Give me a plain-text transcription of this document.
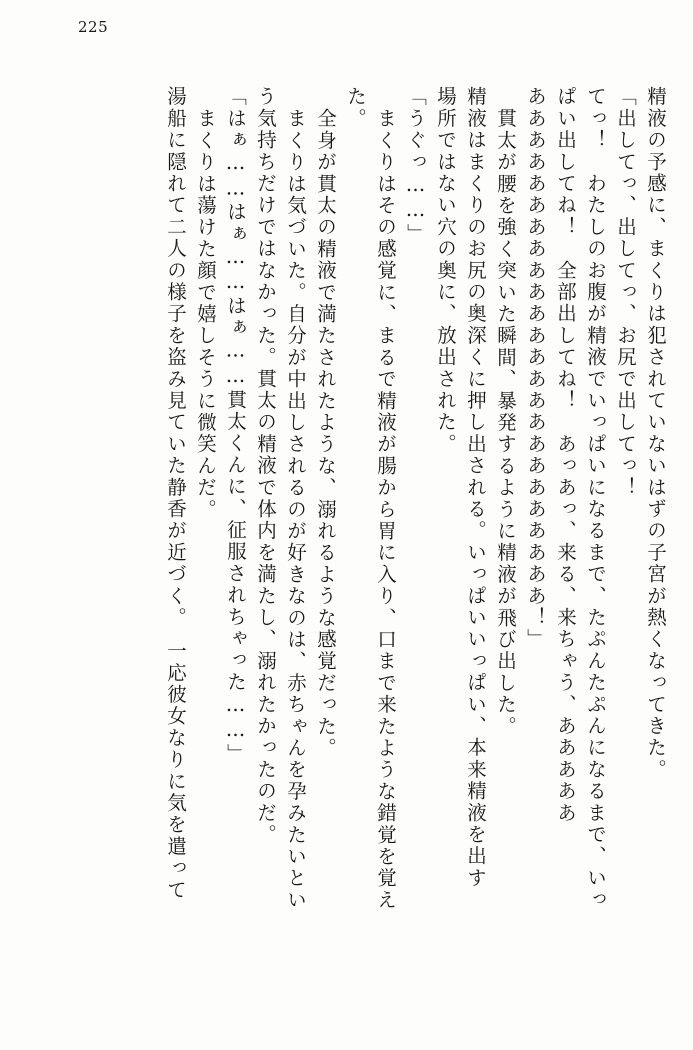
225
精液の予感に、まくりは犯されていないはずの子宮が熱くなってきた。
「出してっ、出してっ、お尻で出してっ！
てっ！　わたしのお腹が精液でいっぱいになるまで、たぷんたぷんになるまで、いっ
ぱい出してね！　全部出してね！　あっあっ、来る、来ちゃう、あああああ
ああああああああああああああああああああああああ！」
貫太が腰を強く突いた瞬間、暴発するように精液が飛び出した。
精液はまくりのお尻の奥深くに押し出される。いっぱいいっぱい、本来精液を出す
場所ではない穴の奥に、放出された。
「うぐっ……」
まくりはその感覚に、まるで精液が腸から胃に入り、口まで来たような錯覚を覚え
た。
全身が貫太の精液で満たされたような、溺れるような感覚だった。
まくりは気づいた。自分が中出しされるのが好きなのは、赤ちゃんを孕みたいとい
う気持ちだけではなかった。貫太の精液で体内を満たし、溺れたかったのだ。
「はぁ……はぁ……はぁ……貫太くんに、征服されちゃった……」
まくりは蕩けた顔で嬉しそうに微笑んだ。
湯船に隠れて二人の様子を盗み見ていた静香が近づく。　一応彼女なりに気を遣って
